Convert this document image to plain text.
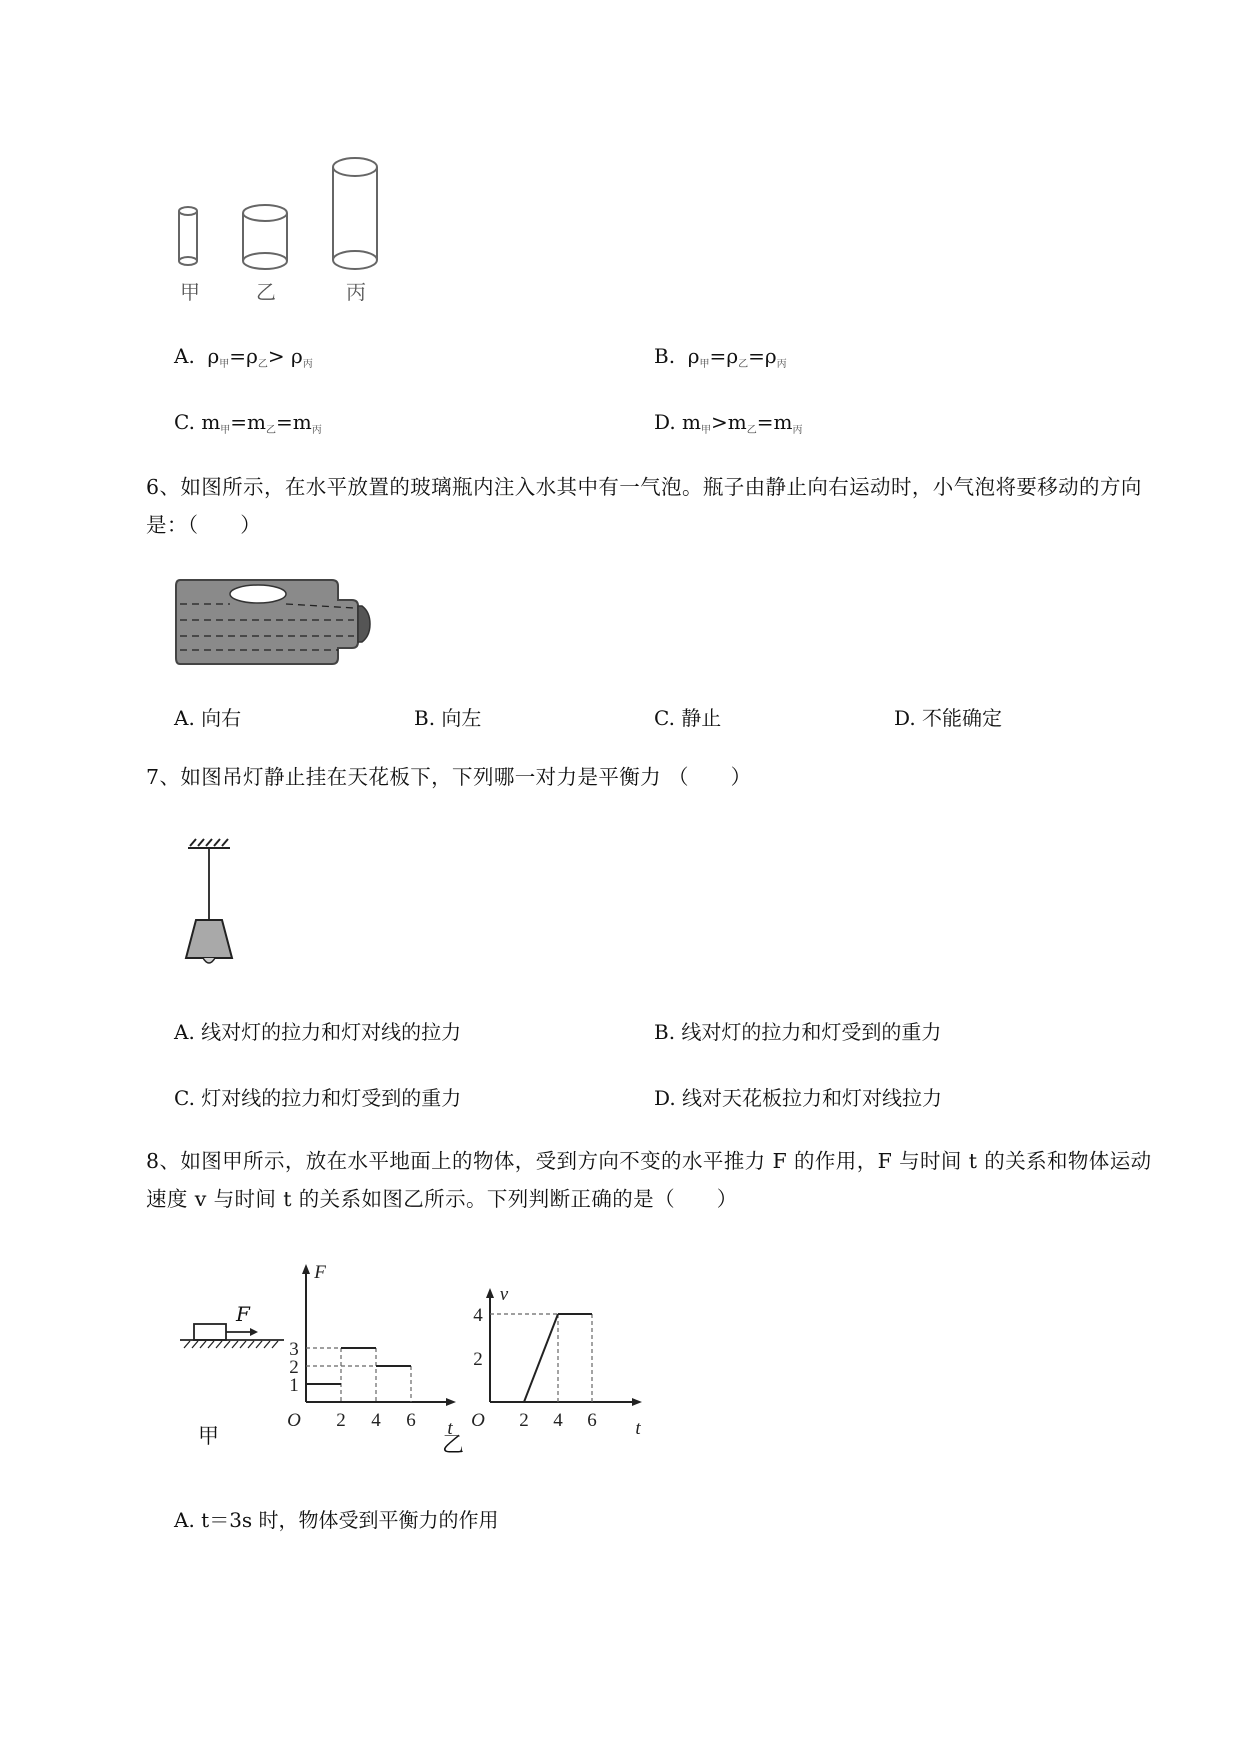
甲	乙	丙
A. $\rho_甲=\rho_乙> \rho_丙$	B. $\rho_甲=\rho_乙=\rho_丙$
C. $m_甲=m_乙=m_丙$	D. $m_甲>m_乙=m_丙$
6、如图所示，在水平放置的玻璃瓶内注入水其中有一气泡。瓶子由静止向右运动时，小气泡将要移动的方向是：（　　）
A. 向右	B. 向左	C. 静止	D. 不能确定
7、如图吊灯静止挂在天花板下，下列哪一对力是平衡力 （　　）
A. 线对灯的拉力和灯对线的拉力	B. 线对灯的拉力和灯受到的重力
C. 灯对线的拉力和灯受到的重力	D. 线对天花板拉力和灯对线拉力
8、如图甲所示，放在水平地面上的物体，受到方向不变的水平推力 F 的作用，F 与时间 t 的关系和物体运动速度 v 与时间 t 的关系如图乙所示。下列判断正确的是（　　）
F
甲
F
1
2
3
O 2 4 6 t
v
2
4
O 2 4 6 t
乙
A. t＝3s 时，物体受到平衡力的作用
